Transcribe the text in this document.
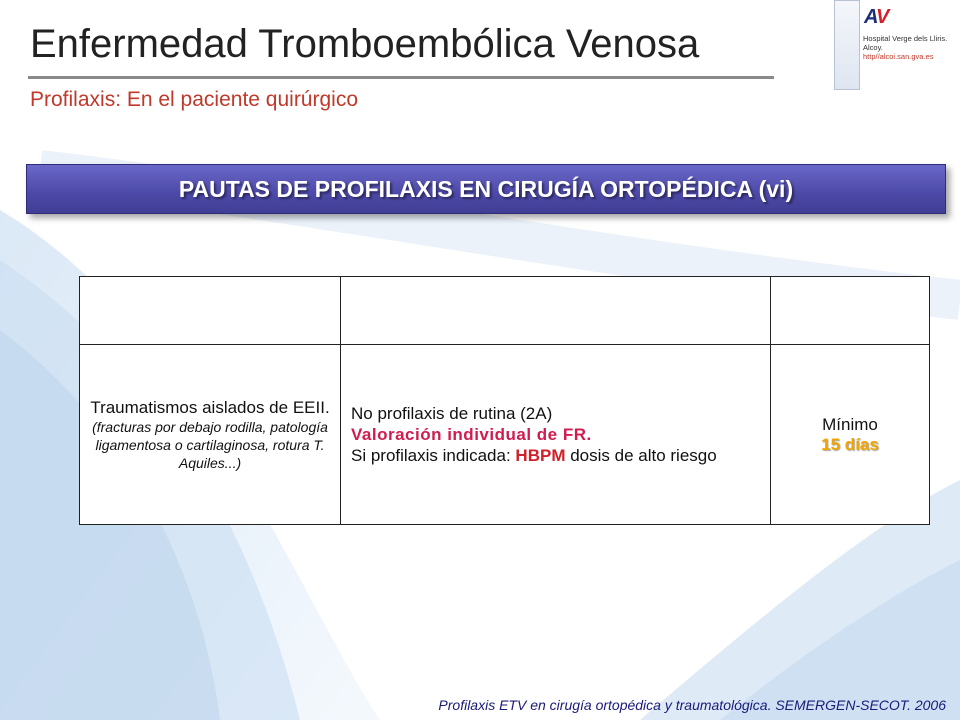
Enfermedad Tromboembólica Venosa
Profilaxis: En el paciente quirúrgico
AV
Hospital Verge dels Lliris.
Alcoy.
http//alcoi.san.gva.es
PAUTAS DE PROFILAXIS EN CIRUGÍA ORTOPÉDICA (vi)

Traumatismos aislados de EEII.
(fracturas por debajo rodilla, patología ligamentosa o cartilaginosa, rotura T. Aquiles...)	No profilaxis de rutina (2A)
Valoración individual de FR.
Si profilaxis indicada: HBPM dosis de alto riesgo	Mínimo
15 días
Profilaxis ETV en cirugía ortopédica y traumatológica. SEMERGEN-SECOT. 2006
